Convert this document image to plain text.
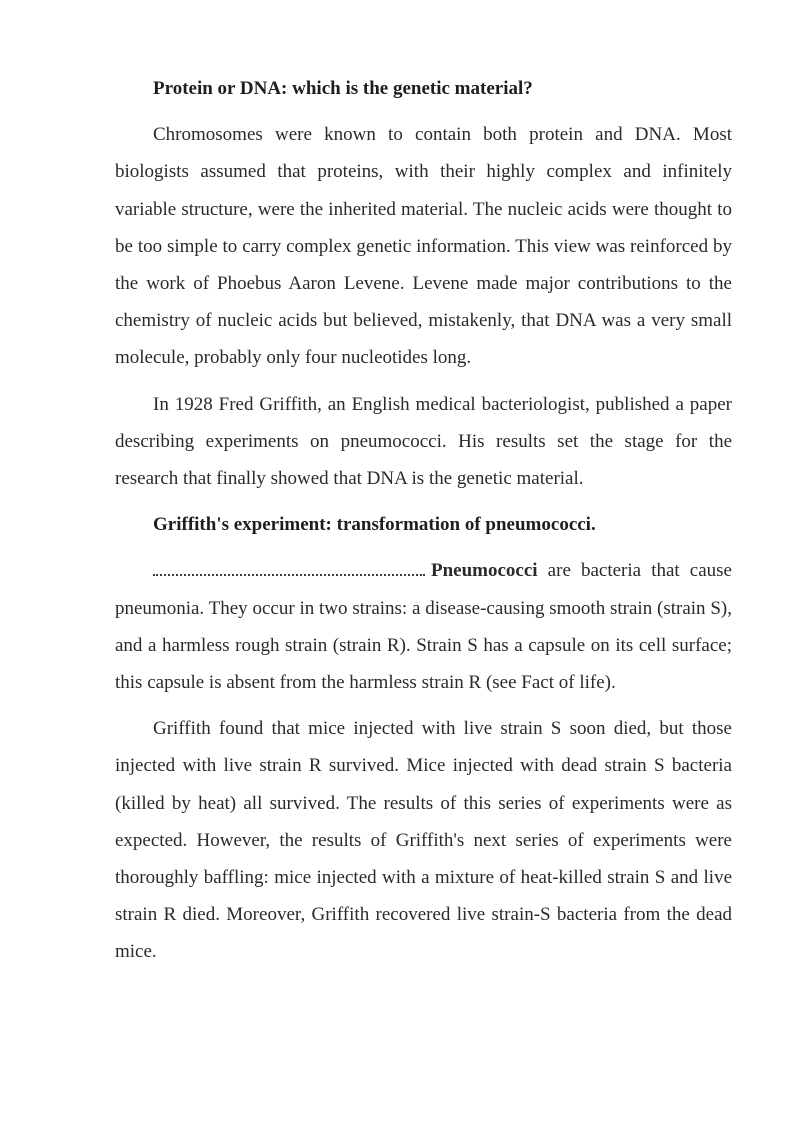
Protein or DNA: which is the genetic material?

Chromosomes were known to contain both protein and DNA. Most biologists assumed that proteins, with their highly complex and infinitely variable structure, were the inherited material. The nucleic acids were thought to be too simple to carry complex genetic information. This view was reinforced by the work of Phoebus Aaron Levene. Levene made major contributions to the chemistry of nucleic acids but believed, mistakenly, that DNA was a very small molecule, probably only four nucleotides long.

In 1928 Fred Griffith, an English medical bacteriologist, published a paper describing experiments on pneumococci. His results set the stage for the research that finally showed that DNA is the genetic material.

Griffith's experiment: transformation of pneumococci.

Pneumococci are bacteria that cause pneumonia. They occur in two strains: a disease-causing smooth strain (strain S), and a harmless rough strain (strain R). Strain S has a capsule on its cell surface; this capsule is absent from the harmless strain R (see Fact of life).

Griffith found that mice injected with live strain S soon died, but those injected with live strain R survived. Mice injected with dead strain S bacteria (killed by heat) all survived. The results of this series of experiments were as expected. However, the results of Griffith's next series of experiments were thoroughly baffling: mice injected with a mixture of heat-killed strain S and live strain R died. Moreover, Griffith recovered live strain-S bacteria from the dead mice.
